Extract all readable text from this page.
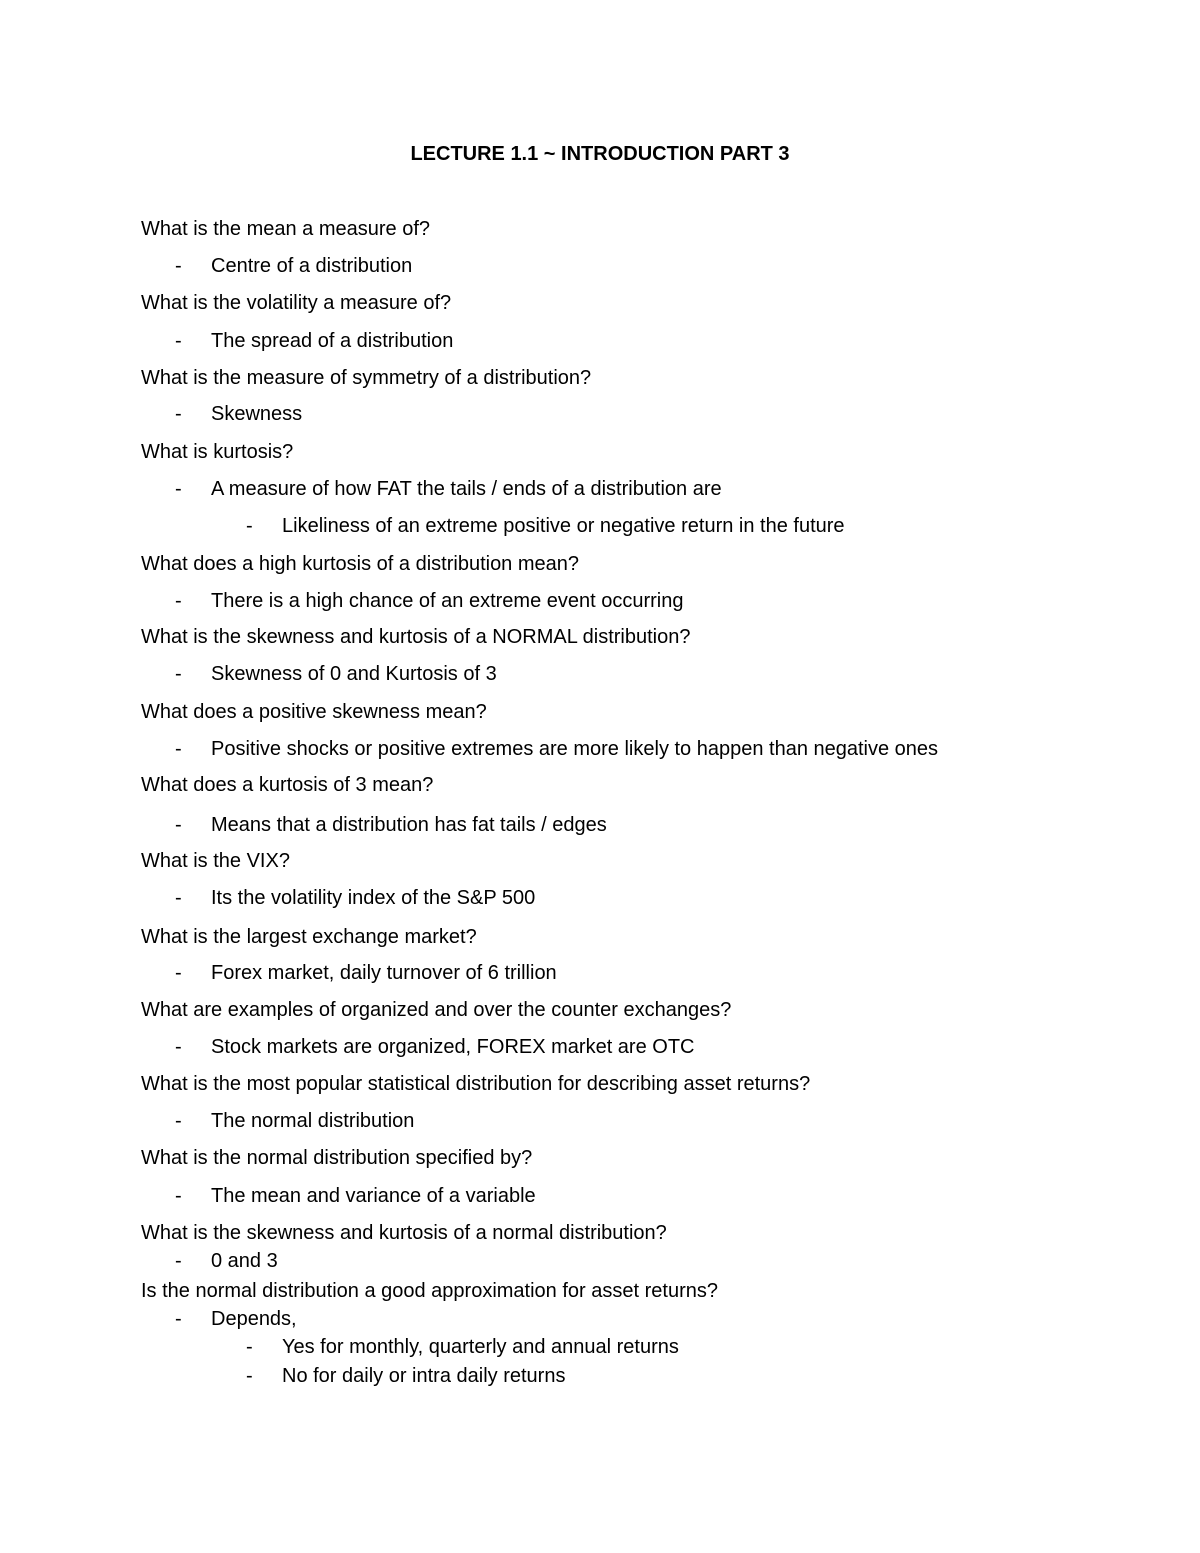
LECTURE 1.1 ~ INTRODUCTION PART 3
What is the mean a measure of?
- Centre of a distribution
What is the volatility a measure of?
- The spread of a distribution
What is the measure of symmetry of a distribution?
- Skewness
What is kurtosis?
- A measure of how FAT the tails / ends of a distribution are
- Likeliness of an extreme positive or negative return in the future
What does a high kurtosis of a distribution mean?
- There is a high chance of an extreme event occurring
What is the skewness and kurtosis of a NORMAL distribution?
- Skewness of 0 and Kurtosis of 3
What does a positive skewness mean?
- Positive shocks or positive extremes are more likely to happen than negative ones
What does a kurtosis of 3 mean?
- Means that a distribution has fat tails / edges
What is the VIX?
- Its the volatility index of the S&P 500
What is the largest exchange market?
- Forex market, daily turnover of 6 trillion
What are examples of organized and over the counter exchanges?
- Stock markets are organized, FOREX market are OTC
What is the most popular statistical distribution for describing asset returns?
- The normal distribution
What is the normal distribution specified by?
- The mean and variance of a variable
What is the skewness and kurtosis of a normal distribution?
- 0 and 3
Is the normal distribution a good approximation for asset returns?
- Depends,
- Yes for monthly, quarterly and annual returns
- No for daily or intra daily returns
